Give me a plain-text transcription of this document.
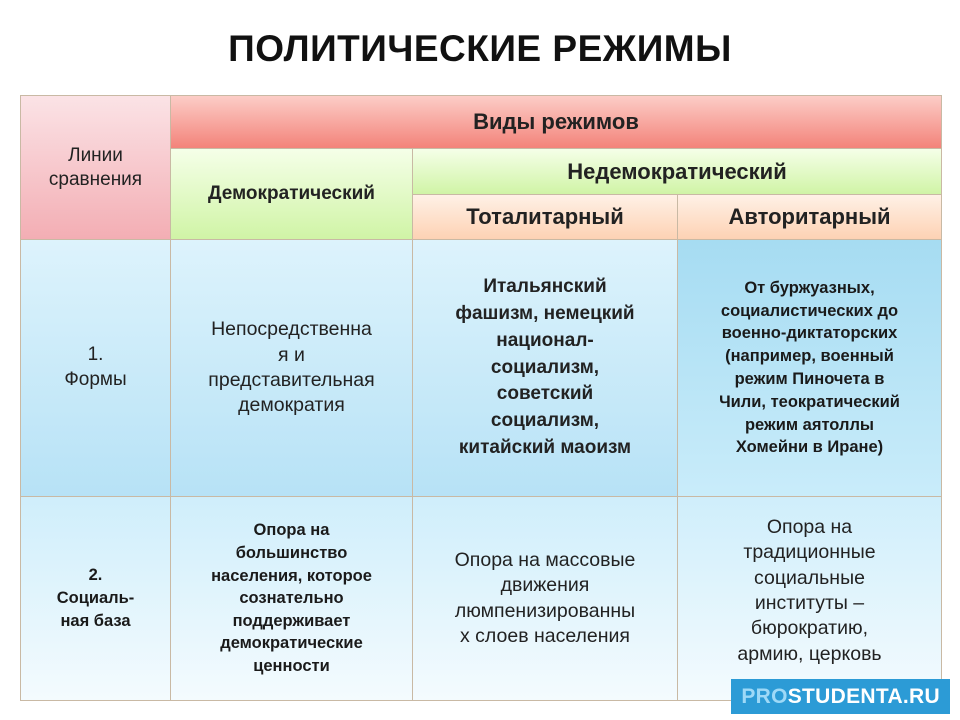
ПОЛИТИЧЕСКИЕ РЕЖИМЫ
Линии
сравнения
Виды режимов
Демократический
Недемократический
Тоталитарный	Авторитарный
1.
Формы
Непосредственна
я и
представительная
демократия
Итальянский
фашизм, немецкий
национал-
социализм,
советский
социализм,
китайский маоизм
От буржуазных,
социалистических до
военно-диктаторских
(например, военный
режим Пиночета в
Чили, теократический
режим аятоллы
Хомейни в Иране)
2.
Социаль-
ная база
Опора на
большинство
населения, которое
сознательно
поддерживает
демократические
ценности
Опора на массовые
движения
люмпенизированны
х слоев населения
Опора на
традиционные
социальные
институты –
бюрократию,
армию, церковь
PRO STUDENTA.RU
